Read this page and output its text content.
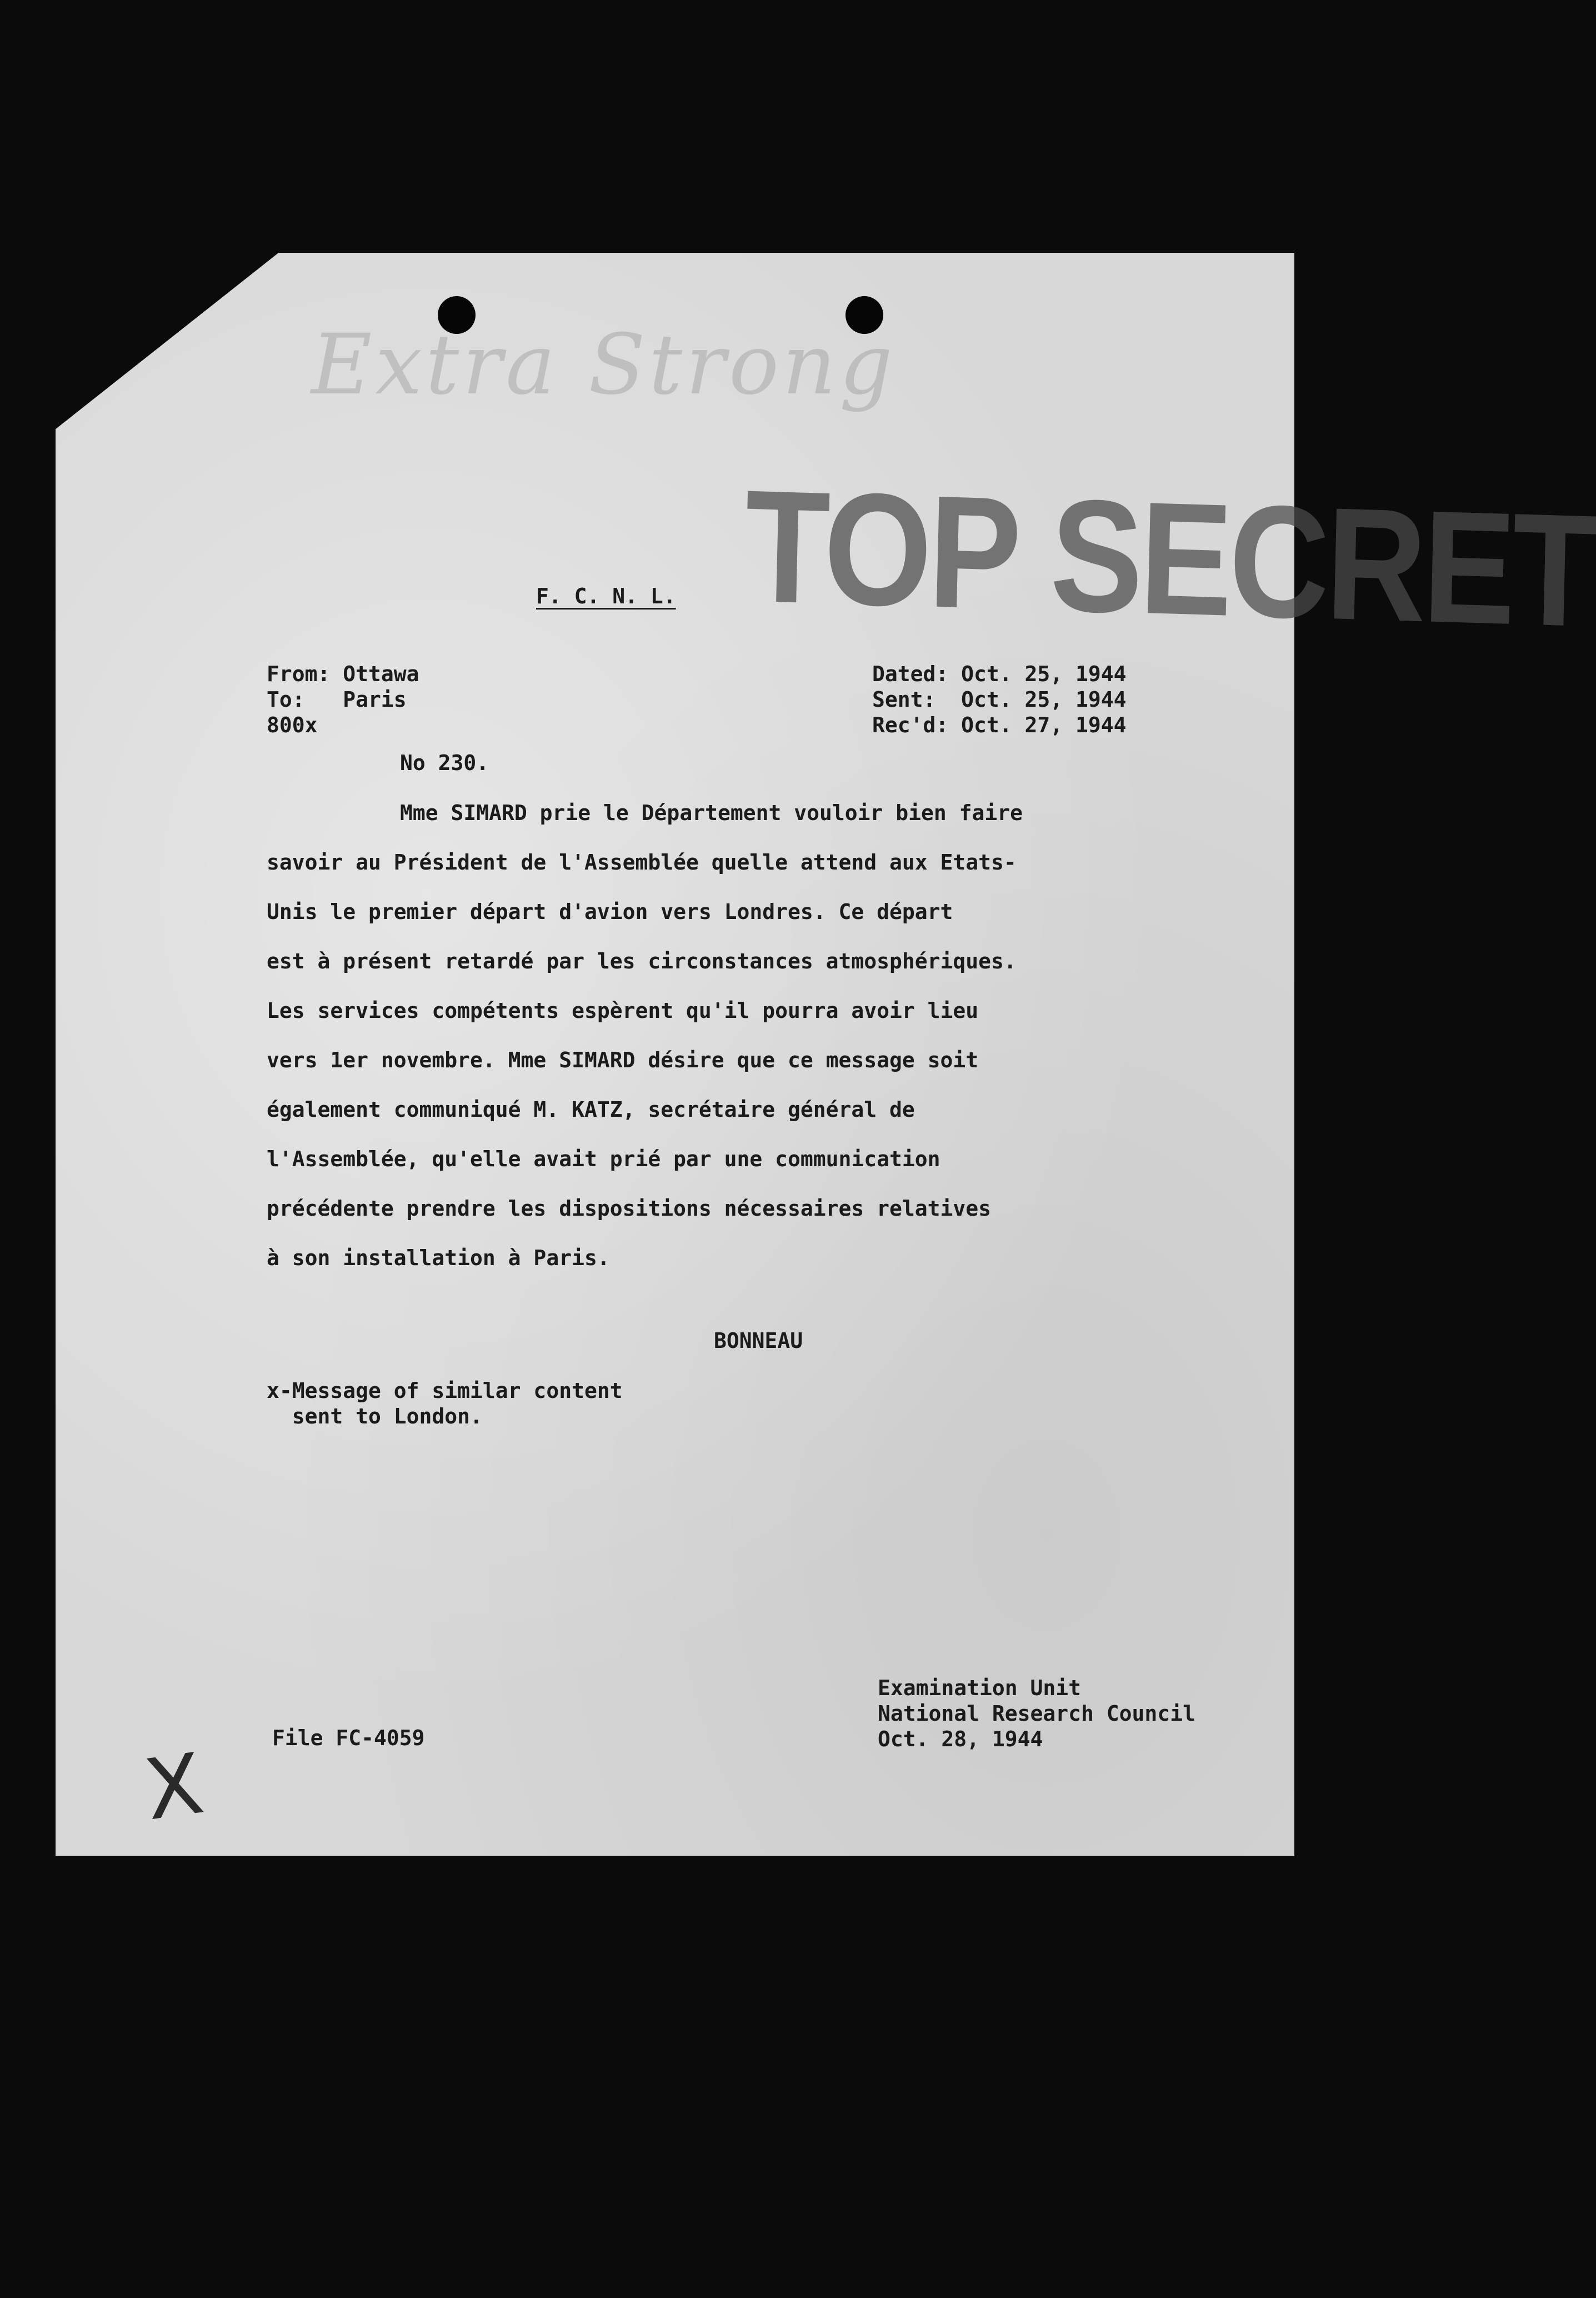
Extra Strong
TOP SECRET
F. C. N. L.
From: Ottawa
To:   Paris
800x
Dated: Oct. 25, 1944
Sent:  Oct. 25, 1944
Rec'd: Oct. 27, 1944
No 230.
Mme SIMARD prie le Département vouloir bien faire
savoir au Président de l'Assemblée quelle attend aux Etats-
Unis le premier départ d'avion vers Londres. Ce départ
est à présent retardé par les circonstances atmosphériques.
Les services compétents espèrent qu'il pourra avoir lieu
vers 1er novembre. Mme SIMARD désire que ce message soit
également communiqué M. KATZ, secrétaire général de
l'Assemblée, qu'elle avait prié par une communication
précédente prendre les dispositions nécessaires relatives
à son installation à Paris.
BONNEAU
x-Message of similar content
sent to London.
File FC-4059
Examination Unit
National Research Council
Oct. 28, 1944
X
